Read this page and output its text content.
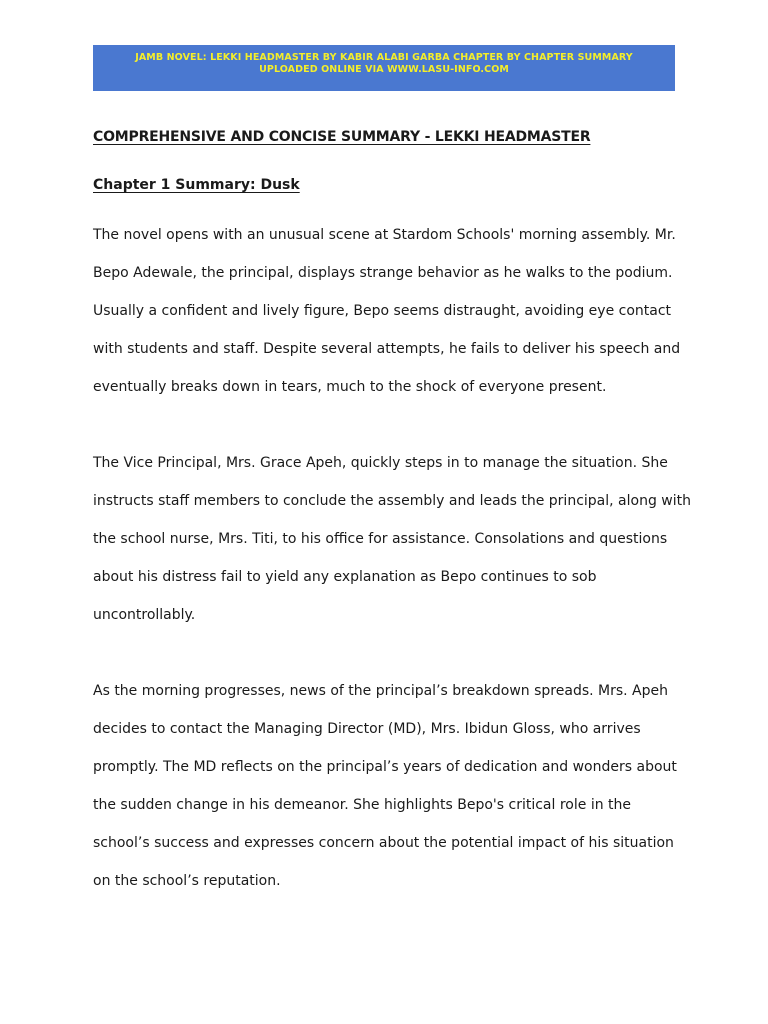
JAMB NOVEL: LEKKI HEADMASTER BY KABIR ALABI GARBA CHAPTER BY CHAPTER SUMMARY
UPLOADED ONLINE VIA WWW.LASU-INFO.COM
COMPREHENSIVE AND CONCISE SUMMARY - LEKKI HEADMASTER
Chapter 1 Summary: Dusk
The novel opens with an unusual scene at Stardom Schools' morning assembly. Mr.
Bepo Adewale, the principal, displays strange behavior as he walks to the podium.
Usually a confident and lively figure, Bepo seems distraught, avoiding eye contact
with students and staff. Despite several attempts, he fails to deliver his speech and
eventually breaks down in tears, much to the shock of everyone present.
The Vice Principal, Mrs. Grace Apeh, quickly steps in to manage the situation. She
instructs staff members to conclude the assembly and leads the principal, along with
the school nurse, Mrs. Titi, to his office for assistance. Consolations and questions
about his distress fail to yield any explanation as Bepo continues to sob
uncontrollably.
As the morning progresses, news of the principal’s breakdown spreads. Mrs. Apeh
decides to contact the Managing Director (MD), Mrs. Ibidun Gloss, who arrives
promptly. The MD reflects on the principal’s years of dedication and wonders about
the sudden change in his demeanor. She highlights Bepo's critical role in the
school’s success and expresses concern about the potential impact of his situation
on the school’s reputation.
